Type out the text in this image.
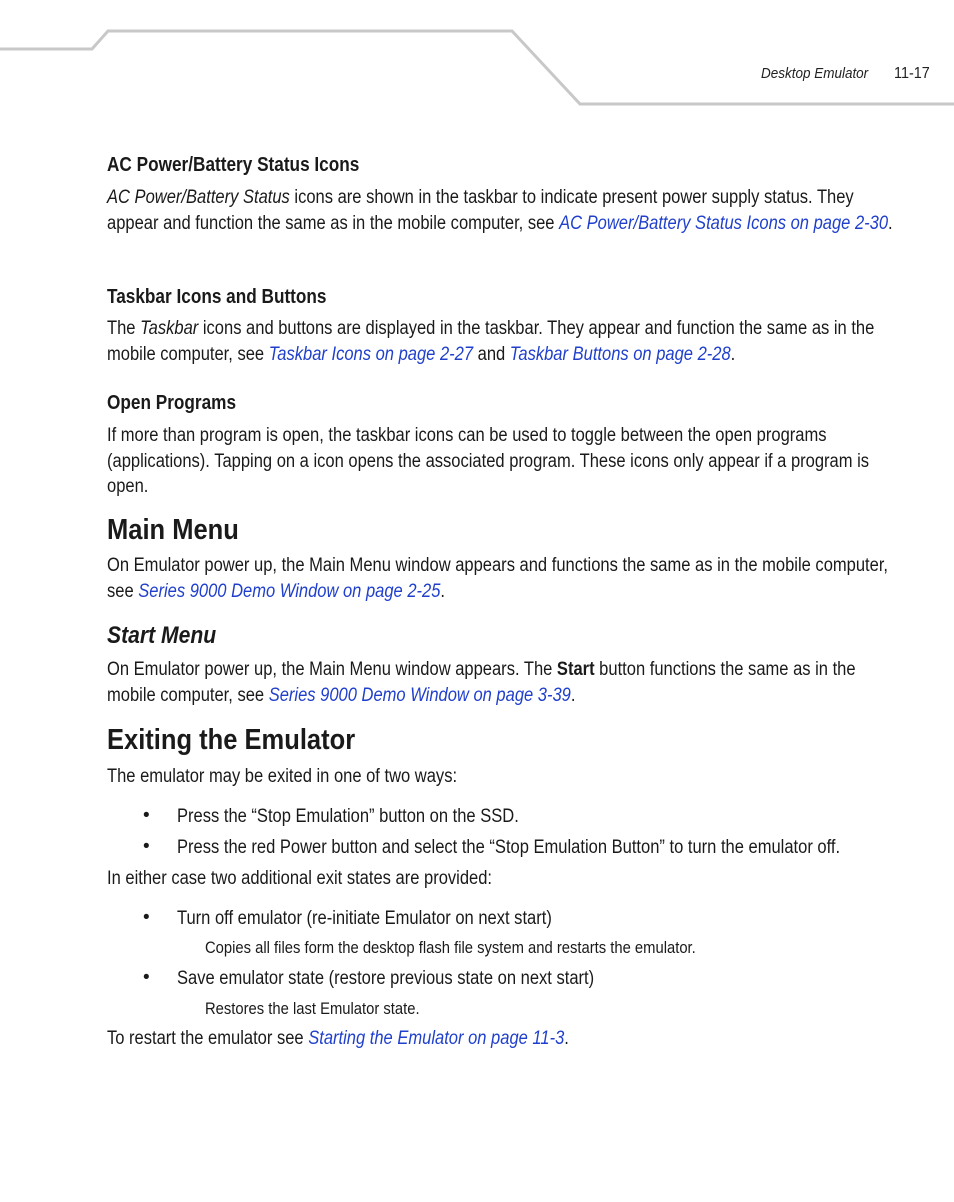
Desktop Emulator 11-17
AC Power/Battery Status Icons

AC Power/Battery Status icons are shown in the taskbar to indicate present power supply status. They appear and function the same as in the mobile computer, see AC Power/Battery Status Icons on page 2-30.

Taskbar Icons and Buttons

The Taskbar icons and buttons are displayed in the taskbar. They appear and function the same as in the mobile computer, see Taskbar Icons on page 2-27 and Taskbar Buttons on page 2-28.

Open Programs

If more than program is open, the taskbar icons can be used to toggle between the open programs (applications). Tapping on a icon opens the associated program. These icons only appear if a program is open.

Main Menu

On Emulator power up, the Main Menu window appears and functions the same as in the mobile computer, see Series 9000 Demo Window on page 2-25.

Start Menu

On Emulator power up, the Main Menu window appears. The Start button functions the same as in the mobile computer, see Series 9000 Demo Window on page 3-39.

Exiting the Emulator

The emulator may be exited in one of two ways:

• Press the “Stop Emulation” button on the SSD.
• Press the red Power button and select the “Stop Emulation Button” to turn the emulator off.

In either case two additional exit states are provided:

• Turn off emulator (re-initiate Emulator on next start)
Copies all files form the desktop flash file system and restarts the emulator.
• Save emulator state (restore previous state on next start)
Restores the last Emulator state.

To restart the emulator see Starting the Emulator on page 11-3.
